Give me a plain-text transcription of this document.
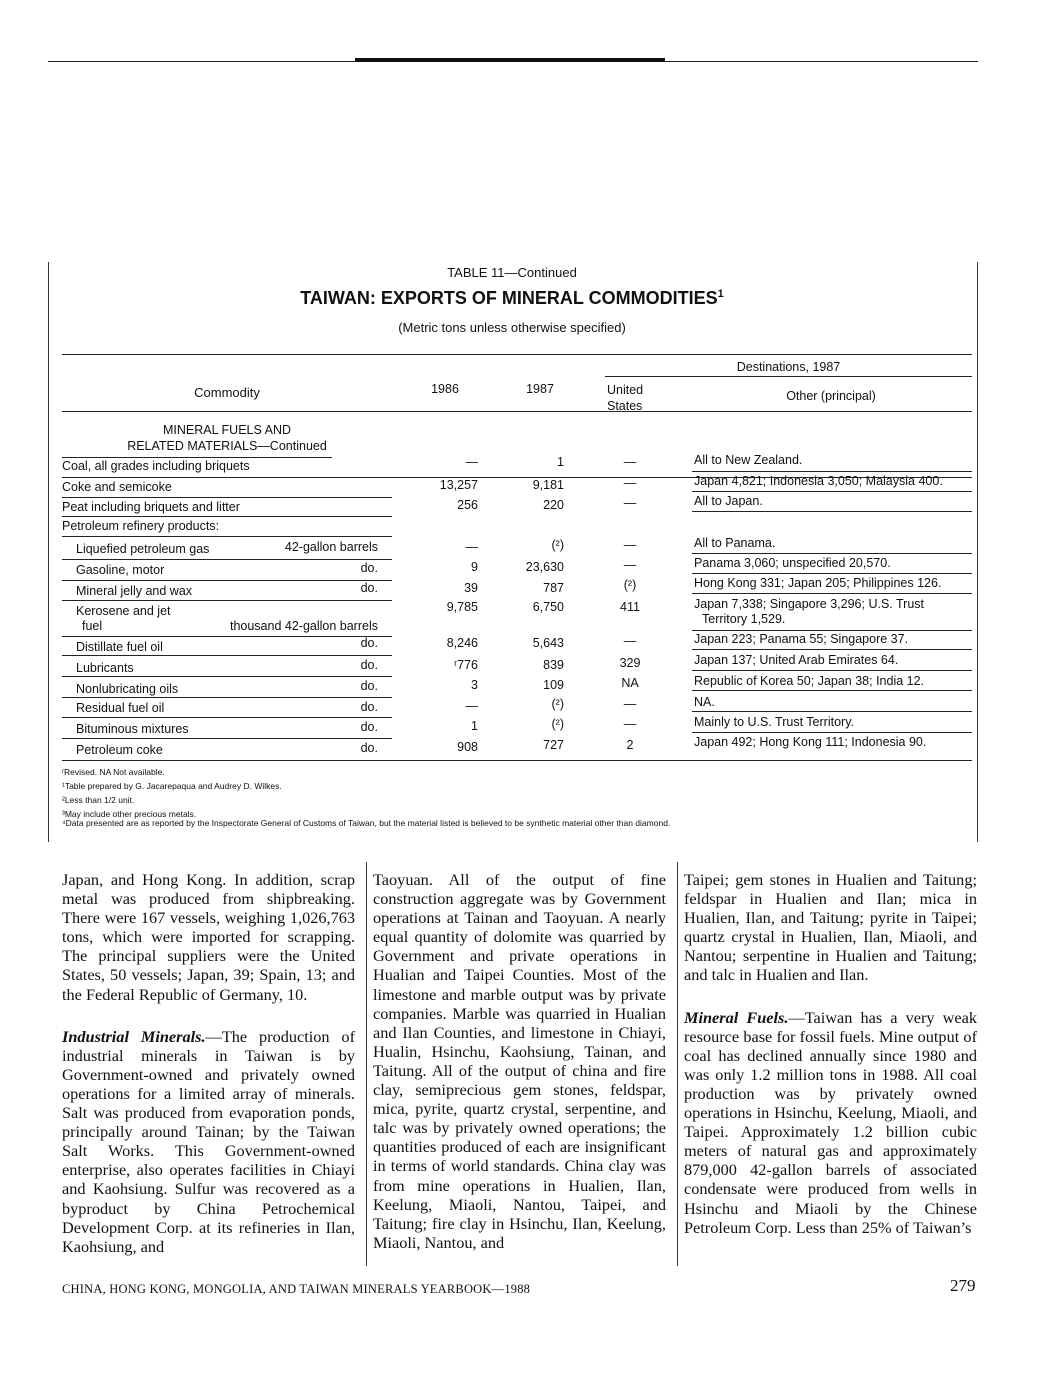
TABLE 11—Continued
TAIWAN: EXPORTS OF MINERAL COMMODITIES$^1$
(Metric tons unless otherwise specified)
Commodity	1986	1987
Destinations, 1987
United States
Other (principal)
MINERAL FUELS AND
RELATED MATERIALS—Continued
Coal, all grades including briquets	—	1	—	All to New Zealand.
Coke and semicoke	13,257	9,181	—	Japan 4,821; Indonesia 3,050; Malaysia 400.
Peat including briquets and litter	256	220	—	All to Japan.
Petroleum refinery products:
Liquefied petroleum gas	42-gallon barrels	—	(²)	—	All to Panama.
Gasoline, motor	do.	9	23,630	—	Panama 3,060; unspecified 20,570.
Mineral jelly and wax	do.	39	787	(²)	Hong Kong 331; Japan 205; Philippines 126.
Kerosene and jet
fuel	thousand 42-gallon barrels
9,785	6,750	411	Japan 7,338; Singapore 3,296; U.S. Trust
Territory 1,529.
Distillate fuel oil	do.	8,246	5,643	—	Japan 223; Panama 55; Singapore 37.
Lubricants	do.	ʳ776	839	329	Japan 137; United Arab Emirates 64.
Nonlubricating oils	do.	3	109	NA	Republic of Korea 50; Japan 38; India 12.
Residual fuel oil	do.	—	(²)	—	NA.
Bituminous mixtures	do.	1	(²)	—	Mainly to U.S. Trust Territory.
Petroleum coke	do.	908	727	2	Japan 492; Hong Kong 111; Indonesia 90.
ʳRevised. NA Not available.
¹Table prepared by G. Jacarepaqua and Audrey D. Wilkes.
²Less than 1/2 unit.
³May include other precious metals.
⁴Data presented are as reported by the Inspectorate General of Customs of Taiwan, but the material listed is believed to be synthetic material other than diamond.

Japan, and Hong Kong. In addition, scrap metal was produced from shipbreaking. There were 167 vessels, weighing 1,026,763 tons, which were imported for scrapping. The principal suppliers were the United States, 50 vessels; Japan, 39; Spain, 13; and the Federal Republic of Germany, 10.

Industrial Minerals.—The production of industrial minerals in Taiwan is by Government-owned and privately owned operations for a limited array of minerals. Salt was produced from evaporation ponds, principally around Tainan; by the Taiwan Salt Works. This Government-owned enterprise, also operates facilities in Chiayi and Kaohsiung. Sulfur was recovered as a byproduct by China Petrochemical Development Corp. at its refineries in Ilan, Kaohsiung, and

Taoyuan. All of the output of fine construction aggregate was by Government operations at Tainan and Taoyuan. A nearly equal quantity of dolomite was quarried by Government and private operations in Hualian and Taipei Counties. Most of the limestone and marble output was by private companies. Marble was quarried in Hualian and Ilan Counties, and limestone in Chiayi, Hualin, Hsinchu, Kaohsiung, Tainan, and Taitung. All of the output of china and fire clay, semiprecious gem stones, feldspar, mica, pyrite, quartz crystal, serpentine, and talc was by privately owned operations; the quantities produced of each are insignificant in terms of world standards. China clay was from mine operations in Hualien, Ilan, Keelung, Miaoli, Nantou, Taipei, and Taitung; fire clay in Hsinchu, Ilan, Keelung, Miaoli, Nantou, and

Taipei; gem stones in Hualien and Taitung; feldspar in Hualien and Ilan; mica in Hualien, Ilan, and Taitung; pyrite in Taipei; quartz crystal in Hualien, Ilan, Miaoli, and Nantou; serpentine in Hualien and Taitung; and talc in Hualien and Ilan.

Mineral Fuels.—Taiwan has a very weak resource base for fossil fuels. Mine output of coal has declined annually since 1980 and was only 1.2 million tons in 1988. All coal production was by privately owned operations in Hsinchu, Keelung, Miaoli, and Taipei. Approximately 1.2 billion cubic meters of natural gas and approximately 879,000 42-gallon barrels of associated condensate were produced from wells in Hsinchu and Miaoli by the Chinese Petroleum Corp. Less than 25% of Taiwan’s

CHINA, HONG KONG, MONGOLIA, AND TAIWAN MINERALS YEARBOOK—1988	279
